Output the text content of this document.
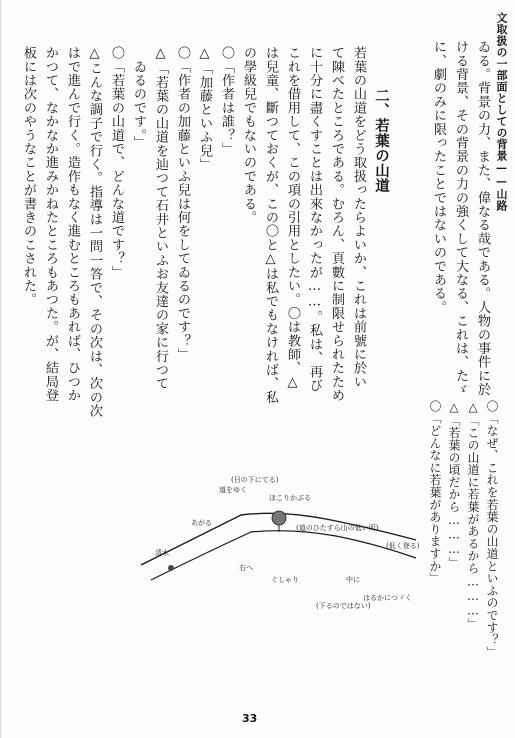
文取扱の一部面としての背景——山路
ゐる。背景の力、また、偉なる哉である。人物の事件に於
ける背景、その背景の力の強くして大なる、これは、たゞ
に、劇のみに限ったことではないのである。
二、若葉の山道
若葉の山道をどう取扱ったらよいか、これは前號に於い
て陳べたところである。むろん、頁數に制限せられたため
に十分に盡くすことは出來なかったが……。私は、再び
これを借用して、この項の引用としたい。〇は教師、△
は兒童、斷つておくが、この〇と△は私でもなければ、私
の學級兒でもないのである。
〇「作者は誰？」
△「加藤といふ兒」
〇「作者の加藤といふ兒は何をしてゐるのです？」
△「若葉の山道を辿つて石井といふお友達の家に行つて
　ゐるのです。」
〇「若葉の山道で、どんな道です？」
△こんな調子で行く。指導は一問一答で、その次は、次の次
はで進んで行く。造作もなく進むところもあれば、ひつか
かつて、なかなか進みかねたところもあつた。が、結局登
板には次のやうなことが書きのこされた。
〇「なぜ、これを若葉の山道といふのです？」
△「この山道に若葉があるから………」
△「若葉の頃だから………」
〇「どんなに若葉がありますか」
清水
(道のひたすら山の低い所)
中に
はるかにつゞく
(低く登る)
ほこりかぶる
道をゆく
あがる
(日の下にてる)
右へ
ぐしゃり
(下るのではない)
33
